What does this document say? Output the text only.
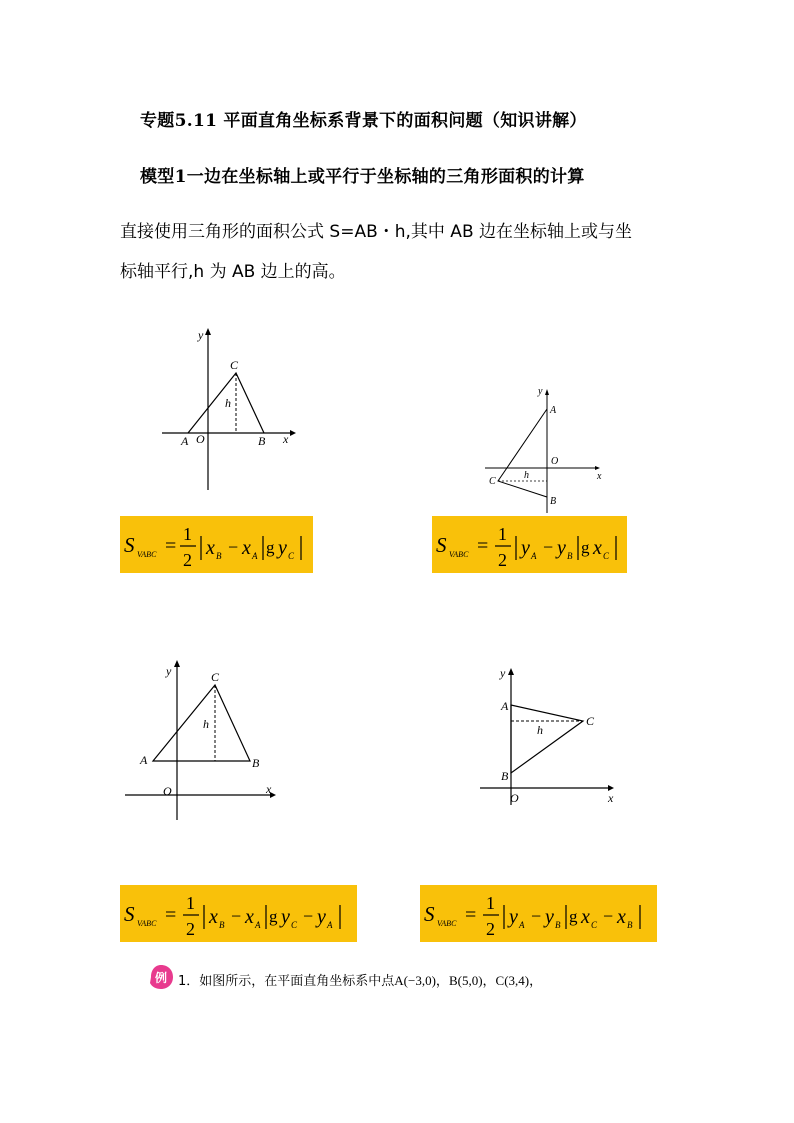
专题5.11 平面直角坐标系背景下的面积问题（知识讲解）
模型1一边在坐标轴上或平行于坐标轴的三角形面积的计算
直接使用三角形的面积公式 S=AB・h,其中 AB 边在坐标轴上或与坐
标轴平行,h 为 AB 边上的高。
y
x
C
A O	B
h
y
x
A
O
C
h
B
S VABC =
1
2
x B − x A g y C	S VABC =
1
2
y A − y B g x C
y
x
C
A	B
O
h
A
B
C
h
O	x
y
S VABC =
1
2
x B − x A g y C − y A	S VABC =
1
2
y A − y B g x C − x B
例 1．如图所示，在平面直角坐标系中点A(−3,0)，B(5,0)，C(3,4)，
